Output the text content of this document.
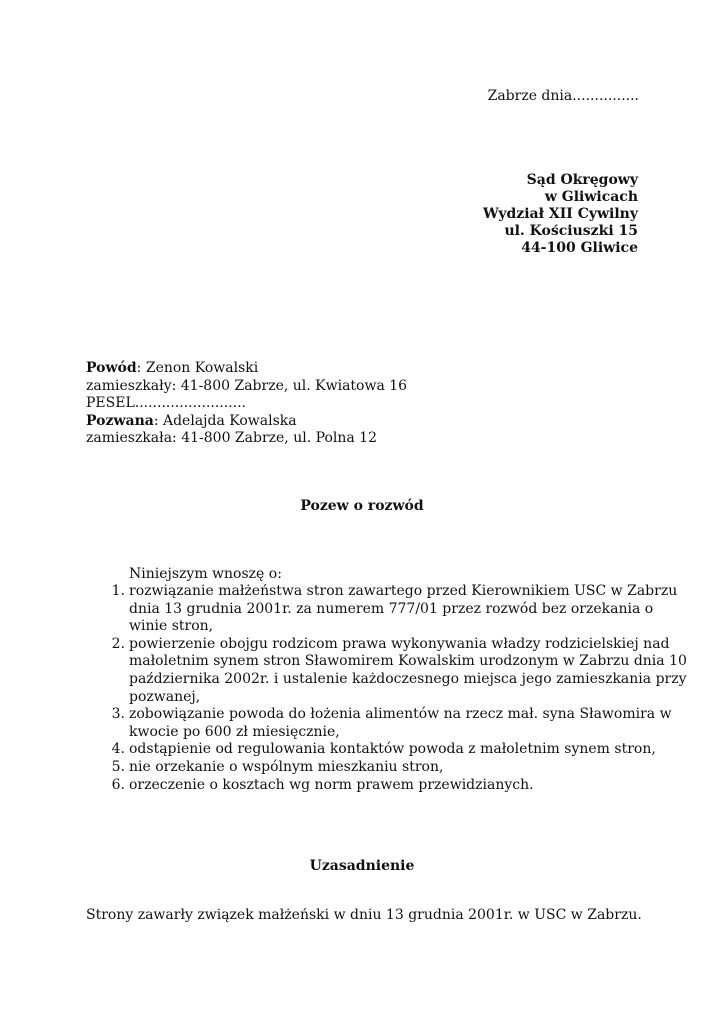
Zabrze dnia...............
Sąd Okręgowy
w Gliwicach
Wydział XII Cywilny
ul. Kościuszki 15
44-100 Gliwice
Powód: Zenon Kowalski
zamieszkały: 41-800 Zabrze, ul. Kwiatowa 16
PESEL.........................
Pozwana: Adelajda Kowalska
zamieszkała: 41-800 Zabrze, ul. Polna 12
Pozew o rozwód
Niniejszym wnoszę o:
1. rozwiązanie małżeństwa stron zawartego przed Kierownikiem USC w Zabrzu dnia 13 grudnia 2001r. za numerem 777/01 przez rozwód bez orzekania o winie stron,
2. powierzenie obojgu rodzicom prawa wykonywania władzy rodzicielskiej nad małoletnim synem stron Sławomirem Kowalskim urodzonym w Zabrzu dnia 10 października 2002r. i ustalenie każdoczesnego miejsca jego zamieszkania przy pozwanej,
3. zobowiązanie powoda do łożenia alimentów na rzecz mał. syna Sławomira w kwocie po 600 zł miesięcznie,
4. odstąpienie od regulowania kontaktów powoda z małoletnim synem stron,
5. nie orzekanie o wspólnym mieszkaniu stron,
6. orzeczenie o kosztach wg norm prawem przewidzianych.
Uzasadnienie
Strony zawarły związek małżeński w dniu 13 grudnia 2001r. w USC w Zabrzu.
